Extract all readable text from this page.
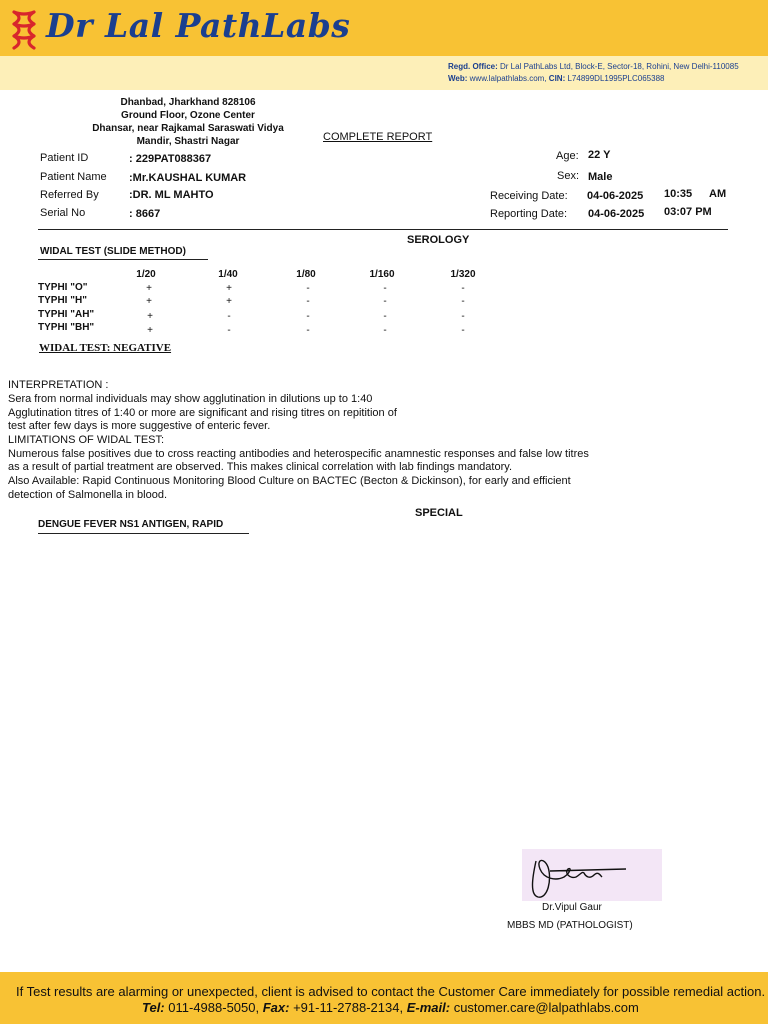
Dr Lal PathLabs
Regd. Office: Dr Lal PathLabs Ltd, Block-E, Sector-18, Rohini, New Delhi-110085
Web: www.lalpathlabs.com, CIN: L74899DL1995PLC065388
Dhanbad, Jharkhand 828106
Ground Floor, Ozone Center
Dhansar, near Rajkamal Saraswati Vidya
Mandir, Shastri Nagar	COMPLETE REPORT
Patient ID	: 229PAT088367
Patient Name :Mr.KAUSHAL KUMAR
Referred By	:DR. ML MAHTO
Serial No	: 8667
Age: 22 Y
Sex: Male
Receiving Date: 04-06-2025 10:35 AM
Reporting Date: 04-06-2025 03:07 PM
SEROLOGY
WIDAL TEST (SLIDE METHOD)
1/20	1/40	1/80	1/160	1/320
TYPHI "O"	+	+	-	-	-
TYPHI "H"	+	+	-	-	-
TYPHI "AH"	+	-	-	-	-
TYPHI "BH"	+	-	-	-	-
WIDAL TEST: NEGATIVE
INTERPRETATION :
Sera from normal individuals may show agglutination in dilutions up to 1:40
Agglutination titres of 1:40 or more are significant and rising titres on repitition of
test after few days is more suggestive of enteric fever.
LIMITATIONS OF WIDAL TEST:
Numerous false positives due to cross reacting antibodies and heterospecific anamnestic responses and false low titres
as a result of partial treatment are observed. This makes clinical correlation with lab findings mandatory.
Also Available: Rapid Continuous Monitoring Blood Culture on BACTEC (Becton & Dickinson), for early and efficient
detection of Salmonella in blood.
SPECIAL
DENGUE FEVER NS1 ANTIGEN, RAPID
Dr.Vipul Gaur
MBBS MD (PATHOLOGIST)
If Test results are alarming or unexpected, client is advised to contact the Customer Care immediately for possible remedial action.
Tel: 011-4988-5050, Fax: +91-11-2788-2134, E-mail: customer.care@lalpathlabs.com
